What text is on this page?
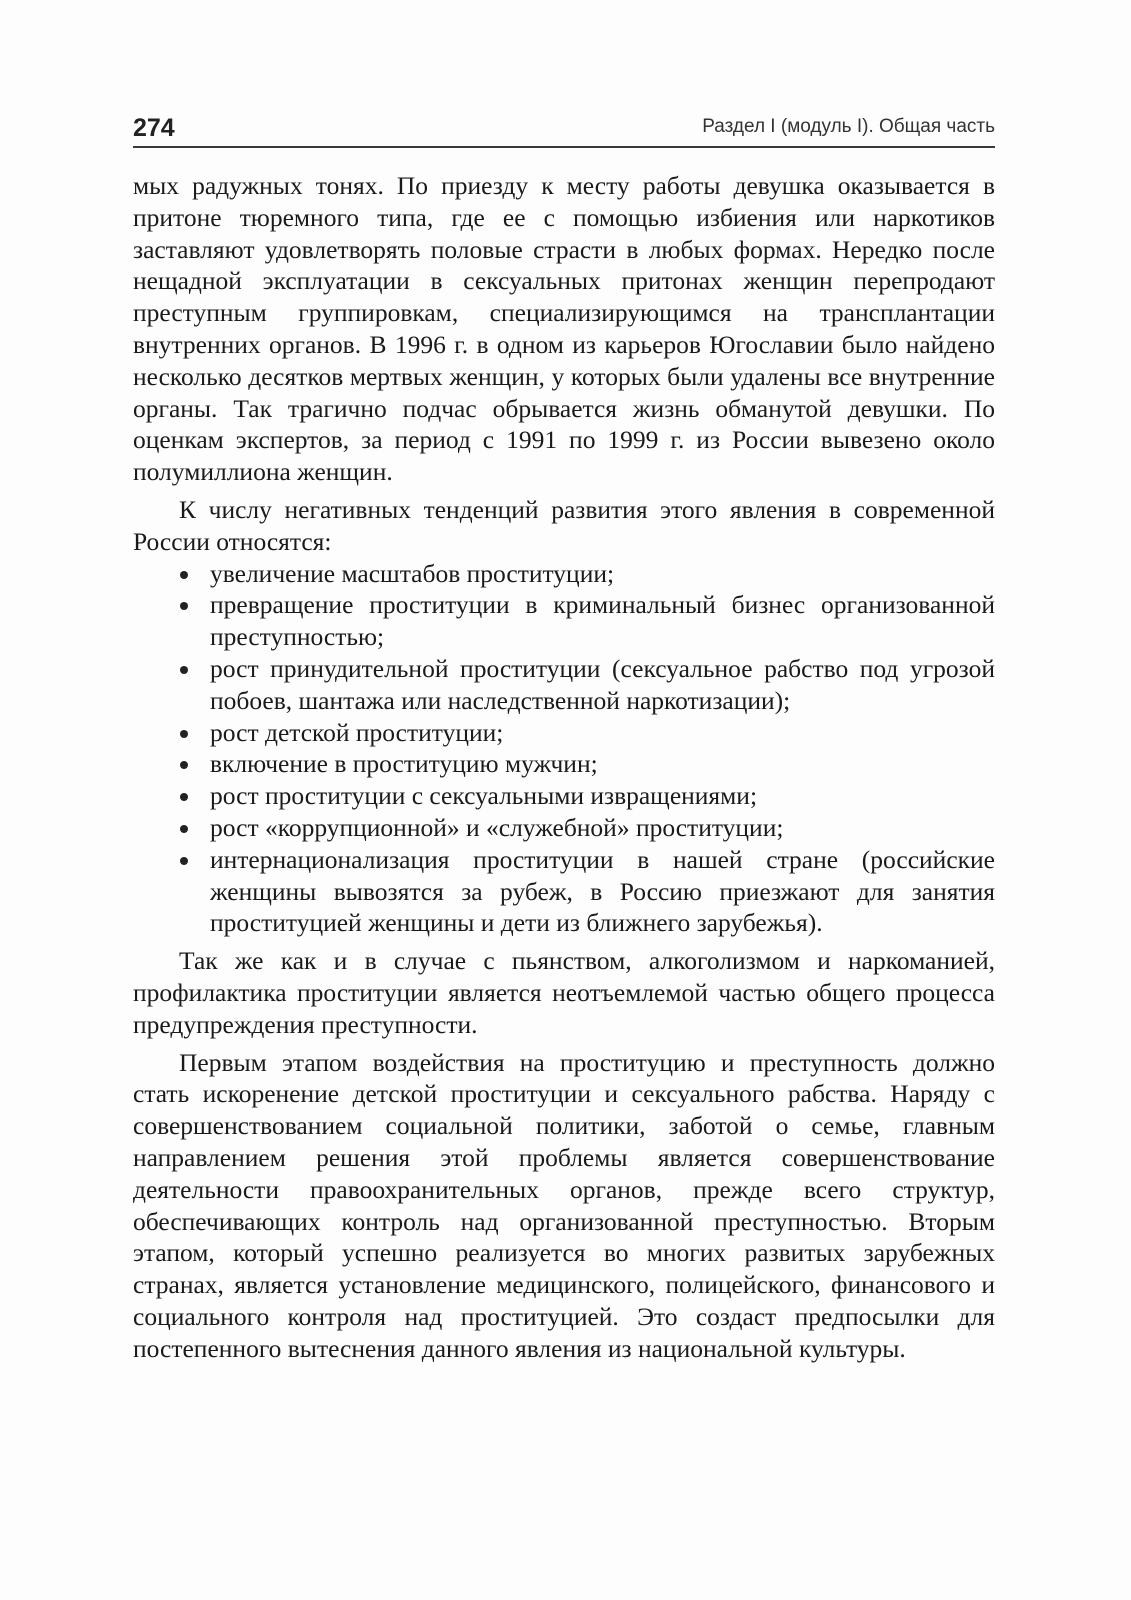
274	Раздел I (модуль I). Общая часть

мых радужных тонях. По приезду к месту работы девушка оказывается в притоне тюремного типа, где ее с помощью избиения или наркотиков заставляют удовлетворять половые страсти в любых формах. Нередко после нещадной эксплуатации в сексуальных притонах женщин перепродают преступным группировкам, специализирующимся на трансплантации внутренних органов. В 1996 г. в одном из карьеров Югославии было найдено несколько десятков мертвых женщин, у которых были удалены все внутренние органы. Так трагично подчас обрывается жизнь обманутой девушки. По оценкам экспертов, за период с 1991 по 1999 г. из России вывезено около полумиллиона женщин.

К числу негативных тенденций развития этого явления в современной России относятся:

увеличение масштабов проституции;
превращение проституции в криминальный бизнес организованной преступностью;
рост принудительной проституции (сексуальное рабство под угрозой побоев, шантажа или наследственной наркотизации);
рост детской проституции;
включение в проституцию мужчин;
рост проституции с сексуальными извращениями;
рост «коррупционной» и «служебной» проституции;
интернационализация проституции в нашей стране (российские женщины вывозятся за рубеж, в Россию приезжают для занятия проституцией женщины и дети из ближнего зарубежья).

Так же как и в случае с пьянством, алкоголизмом и наркоманией, профилактика проституции является неотъемлемой частью общего процесса предупреждения преступности.

Первым этапом воздействия на проституцию и преступность должно стать искоренение детской проституции и сексуального рабства. Наряду с совершенствованием социальной политики, заботой о семье, главным направлением решения этой проблемы является совершенствование деятельности правоохранительных органов, прежде всего структур, обеспечивающих контроль над организованной преступностью. Вторым этапом, который успешно реализуется во многих развитых зарубежных странах, является установление медицинского, полицейского, финансового и социального контроля над проституцией. Это создаст предпосылки для постепенного вытеснения данного явления из национальной культуры.
